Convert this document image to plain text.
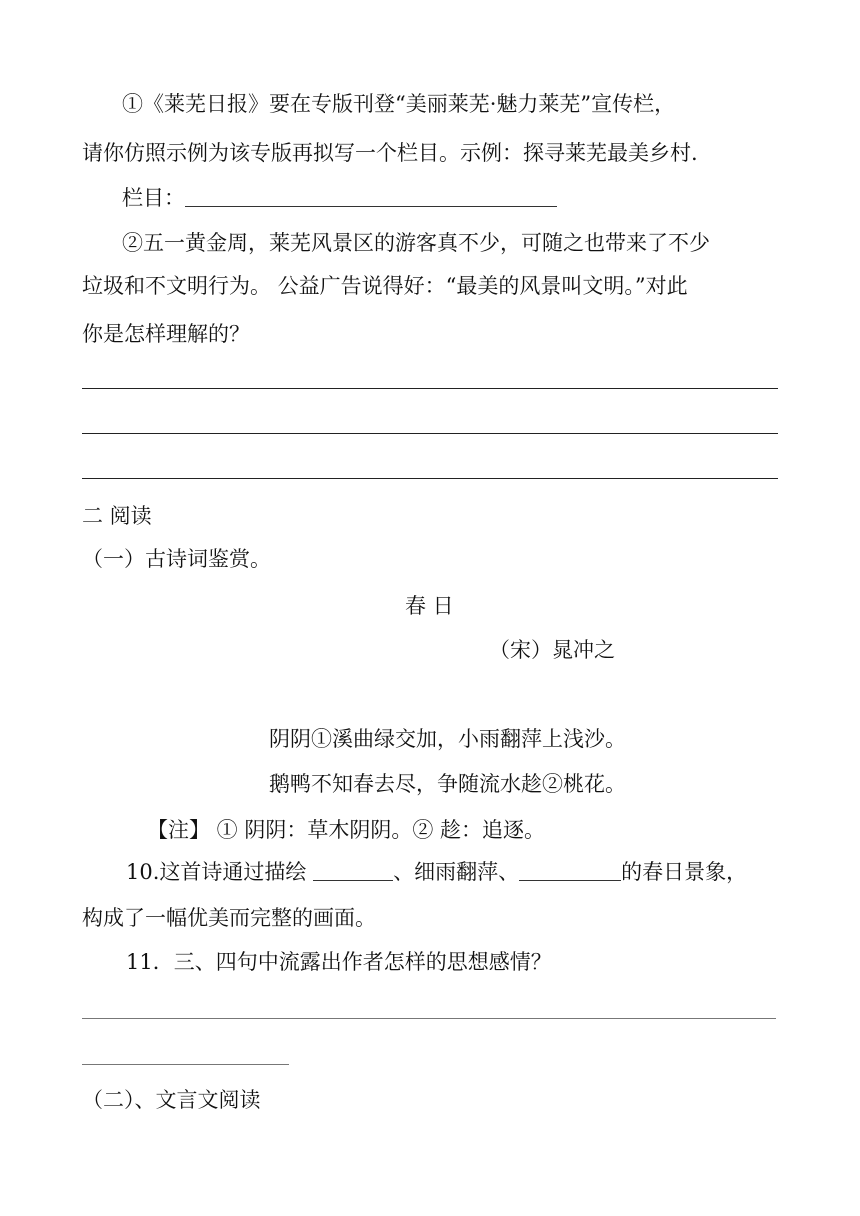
①《莱芜日报》要在专版刊登“美丽莱芜·魅力莱芜”宣传栏，
请你仿照示例为该专版再拟写一个栏目。示例：探寻莱芜最美乡村.
栏目：
②五一黄金周，莱芜风景区的游客真不少，可随之也带来了不少
垃圾和不文明行为。 公益广告说得好：“最美的风景叫文明。”对此
你是怎样理解的？
二 阅读
（一）古诗词鉴赏。
春 日
（宋）晁冲之
阴阴①溪曲绿交加，小雨翻萍上浅沙。
鹅鸭不知春去尽，争随流水趁②桃花。
【注】 ① 阴阴：草木阴阴。② 趁：追逐。
10.这首诗通过描绘	、细雨翻萍、	的春日景象，
构成了一幅优美而完整的画面。
11．三、四句中流露出作者怎样的思想感情？
（二）、文言文阅读
